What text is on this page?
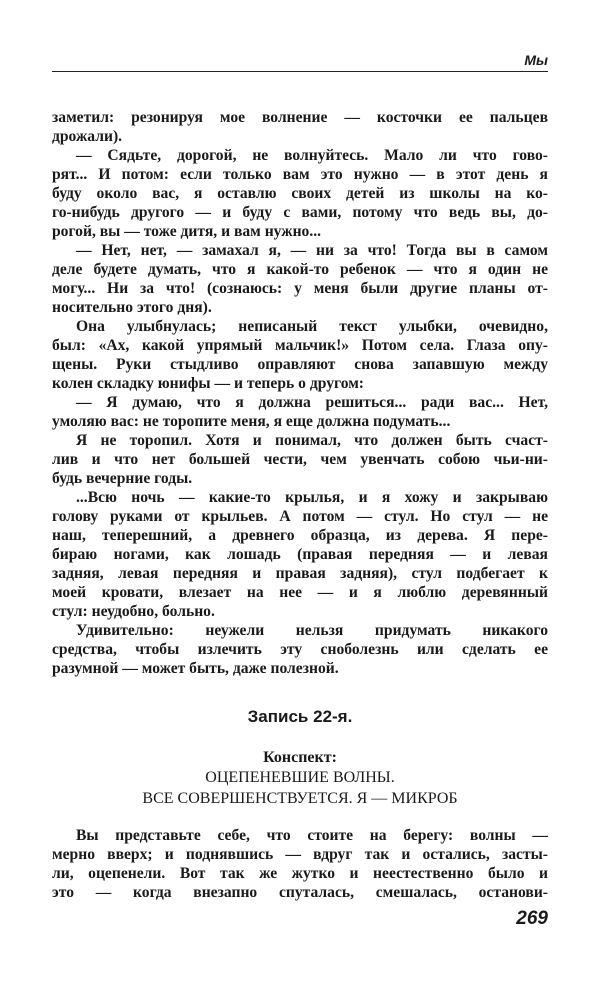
Мы
заметил: резонируя мое волнение — косточки ее пальцев
дрожали).
— Сядьте, дорогой, не волнуйтесь. Мало ли что гово-
рят... И потом: если только вам это нужно — в этот день я
буду около вас, я оставлю своих детей из школы на ко-
го-нибудь другого — и буду с вами, потому что ведь вы, до-
рогой, вы — тоже дитя, и вам нужно...
— Нет, нет, — замахал я, — ни за что! Тогда вы в самом
деле будете думать, что я какой-то ребенок — что я один не
могу... Ни за что! (сознаюсь: у меня были другие планы от-
носительно этого дня).
Она улыбнулась; неписаный текст улыбки, очевидно,
был: «Ах, какой упрямый мальчик!» Потом села. Глаза опу-
щены. Руки стыдливо оправляют снова запавшую между
колен складку юнифы — и теперь о другом:
— Я думаю, что я должна решиться... ради вас... Нет,
умоляю вас: не торопите меня, я еще должна подумать...
Я не торопил. Хотя и понимал, что должен быть счаст-
лив и что нет большей чести, чем увенчать собою чьи-ни-
будь вечерние годы.
...Всю ночь — какие-то крылья, и я хожу и закрываю
голову руками от крыльев. А потом — стул. Но стул — не
наш, теперешний, а древнего образца, из дерева. Я пере-
бираю ногами, как лошадь (правая передняя — и левая
задняя, левая передняя и правая задняя), стул подбегает к
моей кровати, влезает на нее — и я люблю деревянный
стул: неудобно, больно.
Удивительно: неужели нельзя придумать никакого
средства, чтобы излечить эту сноболезнь или сделать ее
разумной — может быть, даже полезной.
Запись 22-я.
Конспект:
ОЦЕПЕНЕВШИЕ ВОЛНЫ.
ВСЕ СОВЕРШЕНСТВУЕТСЯ. Я — МИКРОБ
Вы представьте себе, что стоите на берегу: волны —
мерно вверх; и поднявшись — вдруг так и остались, засты-
ли, оцепенели. Вот так же жутко и неестественно было и
это — когда внезапно спуталась, смешалась, останови-
269
